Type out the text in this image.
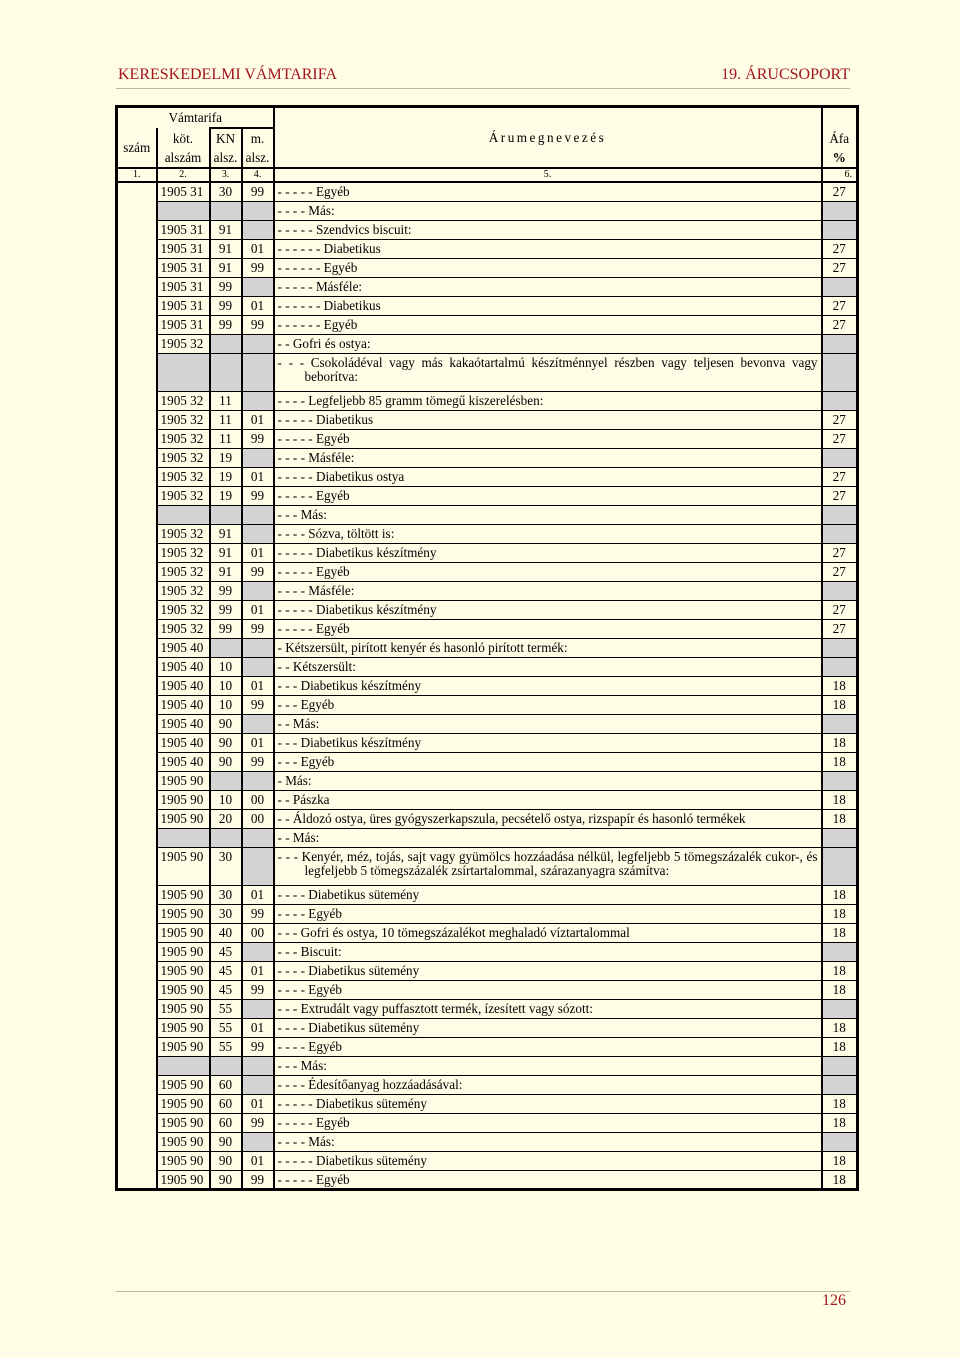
KERESKEDELMI VÁMTARIFA	19. ÁRUCSOPORT
Vámtarifa				Árumegnevezés	
szám	köt.	KN	m.		Áfa
	alszám	alsz.	alsz.		%
1.	2.	3.	4.	5.	6.
	1905 31	30	99	- - - - - Egyéb	27
				- - - - Más:	
	1905 31	91		- - - - - Szendvics biscuit:	
	1905 31	91	01	- - - - - - Diabetikus	27
	1905 31	91	99	- - - - - - Egyéb	27
	1905 31	99		- - - - - Másféle:	
	1905 31	99	01	- - - - - - Diabetikus	27
	1905 31	99	99	- - - - - - Egyéb	27
	1905 32			- - Gofri és ostya:	
				- - - Csokoládéval vagy más kakaótartalmú készítménnyel részben vagy teljesen bevonva vagy beborítva:	
	1905 32	11		- - - - Legfeljebb 85 gramm tömegű kiszerelésben:	
	1905 32	11	01	- - - - - Diabetikus	27
	1905 32	11	99	- - - - - Egyéb	27
	1905 32	19		- - - - Másféle:	
	1905 32	19	01	- - - - - Diabetikus ostya	27
	1905 32	19	99	- - - - - Egyéb	27
				- - - Más:	
	1905 32	91		- - - - Sózva, töltött is:	
	1905 32	91	01	- - - - - Diabetikus készítmény	27
	1905 32	91	99	- - - - - Egyéb	27
	1905 32	99		- - - - Másféle:	
	1905 32	99	01	- - - - - Diabetikus készítmény	27
	1905 32	99	99	- - - - - Egyéb	27
	1905 40			- Kétszersült, pirított kenyér és hasonló pirított termék:	
	1905 40	10		- - Kétszersült:	
	1905 40	10	01	- - - Diabetikus készítmény	18
	1905 40	10	99	- - - Egyéb	18
	1905 40	90		- - Más:	
	1905 40	90	01	- - - Diabetikus készítmény	18
	1905 40	90	99	- - - Egyéb	18
	1905 90			- Más:	
	1905 90	10	00	- - Pászka	18
	1905 90	20	00	- - Áldozó ostya, üres gyógyszerkapszula, pecsételő ostya, rizspapír és hasonló termékek	18
				- - Más:	
	1905 90	30		- - - Kenyér, méz, tojás, sajt vagy gyümölcs hozzáadása nélkül, legfeljebb 5 tömegszázalék cukor-, és legfeljebb 5 tömegszázalék zsírtartalommal, szárazanyagra számítva:	
	1905 90	30	01	- - - - Diabetikus sütemény	18
	1905 90	30	99	- - - - Egyéb	18
	1905 90	40	00	- - - Gofri és ostya, 10 tömegszázalékot meghaladó víztartalommal	18
	1905 90	45		- - - Biscuit:	
	1905 90	45	01	- - - - Diabetikus sütemény	18
	1905 90	45	99	- - - - Egyéb	18
	1905 90	55		- - - Extrudált vagy puffasztott termék, ízesített vagy sózott:	
	1905 90	55	01	- - - - Diabetikus sütemény	18
	1905 90	55	99	- - - - Egyéb	18
				- - - Más:	
	1905 90	60		- - - - Édesítőanyag hozzáadásával:	
	1905 90	60	01	- - - - - Diabetikus sütemény	18
	1905 90	60	99	- - - - - Egyéb	18
	1905 90	90		- - - - Más:	
	1905 90	90	01	- - - - - Diabetikus sütemény	18
	1905 90	90	99	- - - - - Egyéb	18
126
